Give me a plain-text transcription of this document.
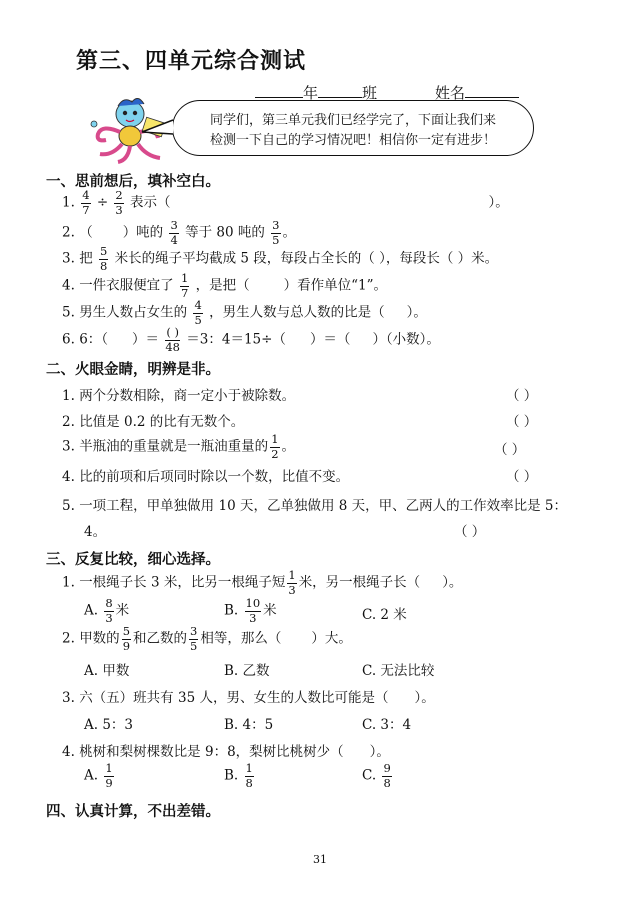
第三、四单元综合测试
年	班	姓名
同学们，第三单元我们已经学完了，下面让我们来
检测一下自己的学习情况吧！相信你一定有进步！
一、思前想后，填补空白。
1. $\frac{4}{7} \div \frac{2}{3}$ 表示（	）。
2. （ ）吨的 $\frac{3}{4}$ 等于 80 吨的 $\frac{3}{5}$ 。
3. 把 $\frac{5}{8}$ 米长的绳子平均截成 5 段，每段占全长的（ ），每段长（ ）米。
4. 一件衣服便宜了 $\frac{1}{7}$ ，是把（	）看作单位“1”。
5. 男生人数占女生的 $\frac{4}{5}$ ，男生人数与总人数的比是（ ）。
6. 6：（ ）＝ $\frac{( )}{48} =3$：4＝15÷（ ）＝（ ）（小数）。
二、火眼金睛，明辨是非。
1. 两个分数相除，商一定小于被除数。	（ ）
2. 比值是 0.2 的比有无数个。	（ ）
3. 半瓶油的重量就是一瓶油重量的 $\frac{1}{2}$ 。	（ ）
4. 比的前项和后项同时除以一个数，比值不变。	（ ）
5. 一项工程，甲单独做用 10 天，乙单独做用 8 天，甲、乙两人的工作效率比是 5：
4。	（ ）
三、反复比较，细心选择。
1. 一根绳子长 3 米，比另一根绳子短 $\frac{1}{3}$ 米，另一根绳子长（ ）。
A. $\frac{8}{3}$ 米	B. $\frac{10}{3}$ 米	C. 2 米
2. 甲数的 $\frac{5}{9}$ 和乙数的 $\frac{3}{5}$ 相等，那么（ ）大。
A. 甲数	B. 乙数	C. 无法比较
3. 六（五）班共有 35 人，男、女生的人数比可能是（ ）。
A. 5：3	B. 4：5	C. 3：4
4. 桃树和梨树棵数比是 9：8，梨树比桃树少（ ）。
A. $\frac{1}{9}$	B. $\frac{1}{8}$	C. $\frac{9}{8}$
四、认真计算，不出差错。
31
